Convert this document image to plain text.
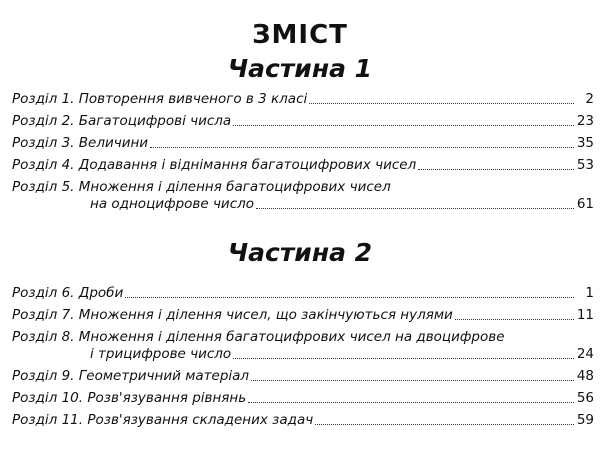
ЗМІСТ
Частина 1
Розділ 1. Повторення вивченого в 3 класі	2
Розділ 2. Багатоцифрові числа	23
Розділ 3. Величини	35
Розділ 4. Додавання і віднімання багатоцифрових чисел	53
Розділ 5. Множення і ділення багатоцифрових чисел
на одноцифрове число	61
Частина 2
Розділ 6. Дроби	1
Розділ 7. Множення і ділення чисел, що закінчуються нулями	11
Розділ 8. Множення і ділення багатоцифрових чисел на двоцифрове
і трицифрове число	24
Розділ 9. Геометричний матеріал	48
Розділ 10. Розв'язування рівнянь	56
Розділ 11. Розв'язування складених задач	59
